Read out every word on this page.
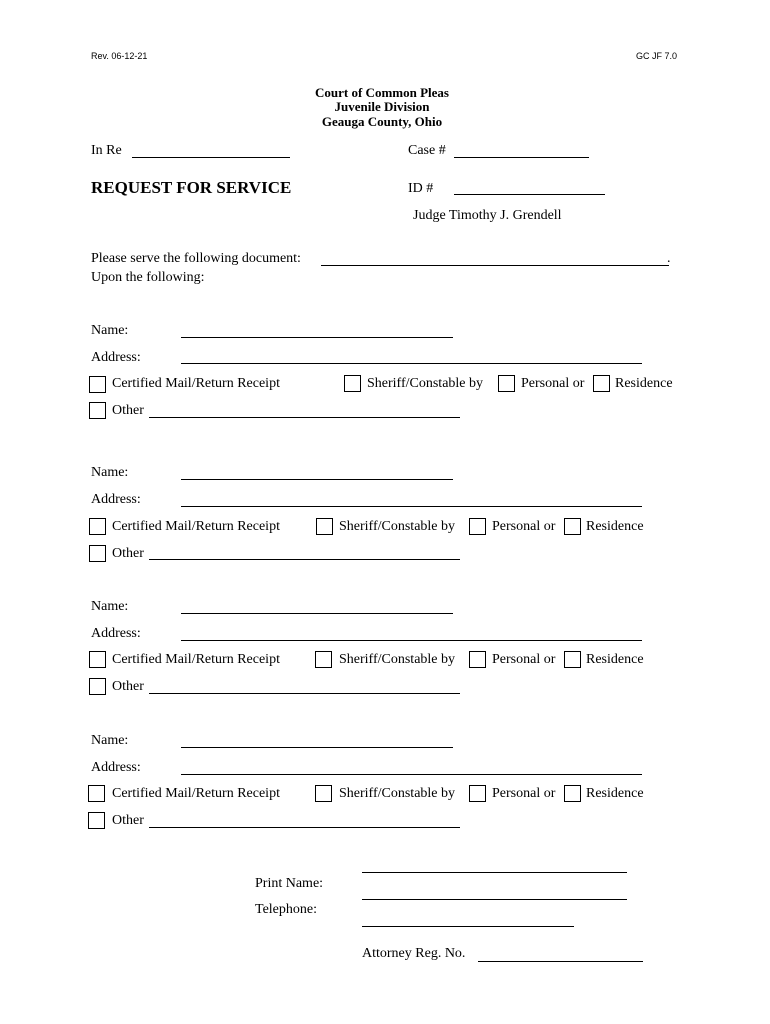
Rev. 06-12-21	GC JF 7.0
Court of Common Pleas
Juvenile Division
Geauga County, Ohio
In Re	Case #
REQUEST FOR SERVICE	ID #
Judge Timothy J. Grendell
Please serve the following document:	.
Upon the following:
Name:
Address:
Certified Mail/Return Receipt	Sheriff/Constable by	Personal or Residence
Other
Name:
Address:
Certified Mail/Return Receipt	Sheriff/Constable by	Personal or Residence
Other
Name:
Address:
Certified Mail/Return Receipt	Sheriff/Constable by	Personal or Residence
Other
Name:
Address:
Certified Mail/Return Receipt	Sheriff/Constable by	Personal or Residence
Other
Print Name:
Telephone:
Attorney Reg. No.
